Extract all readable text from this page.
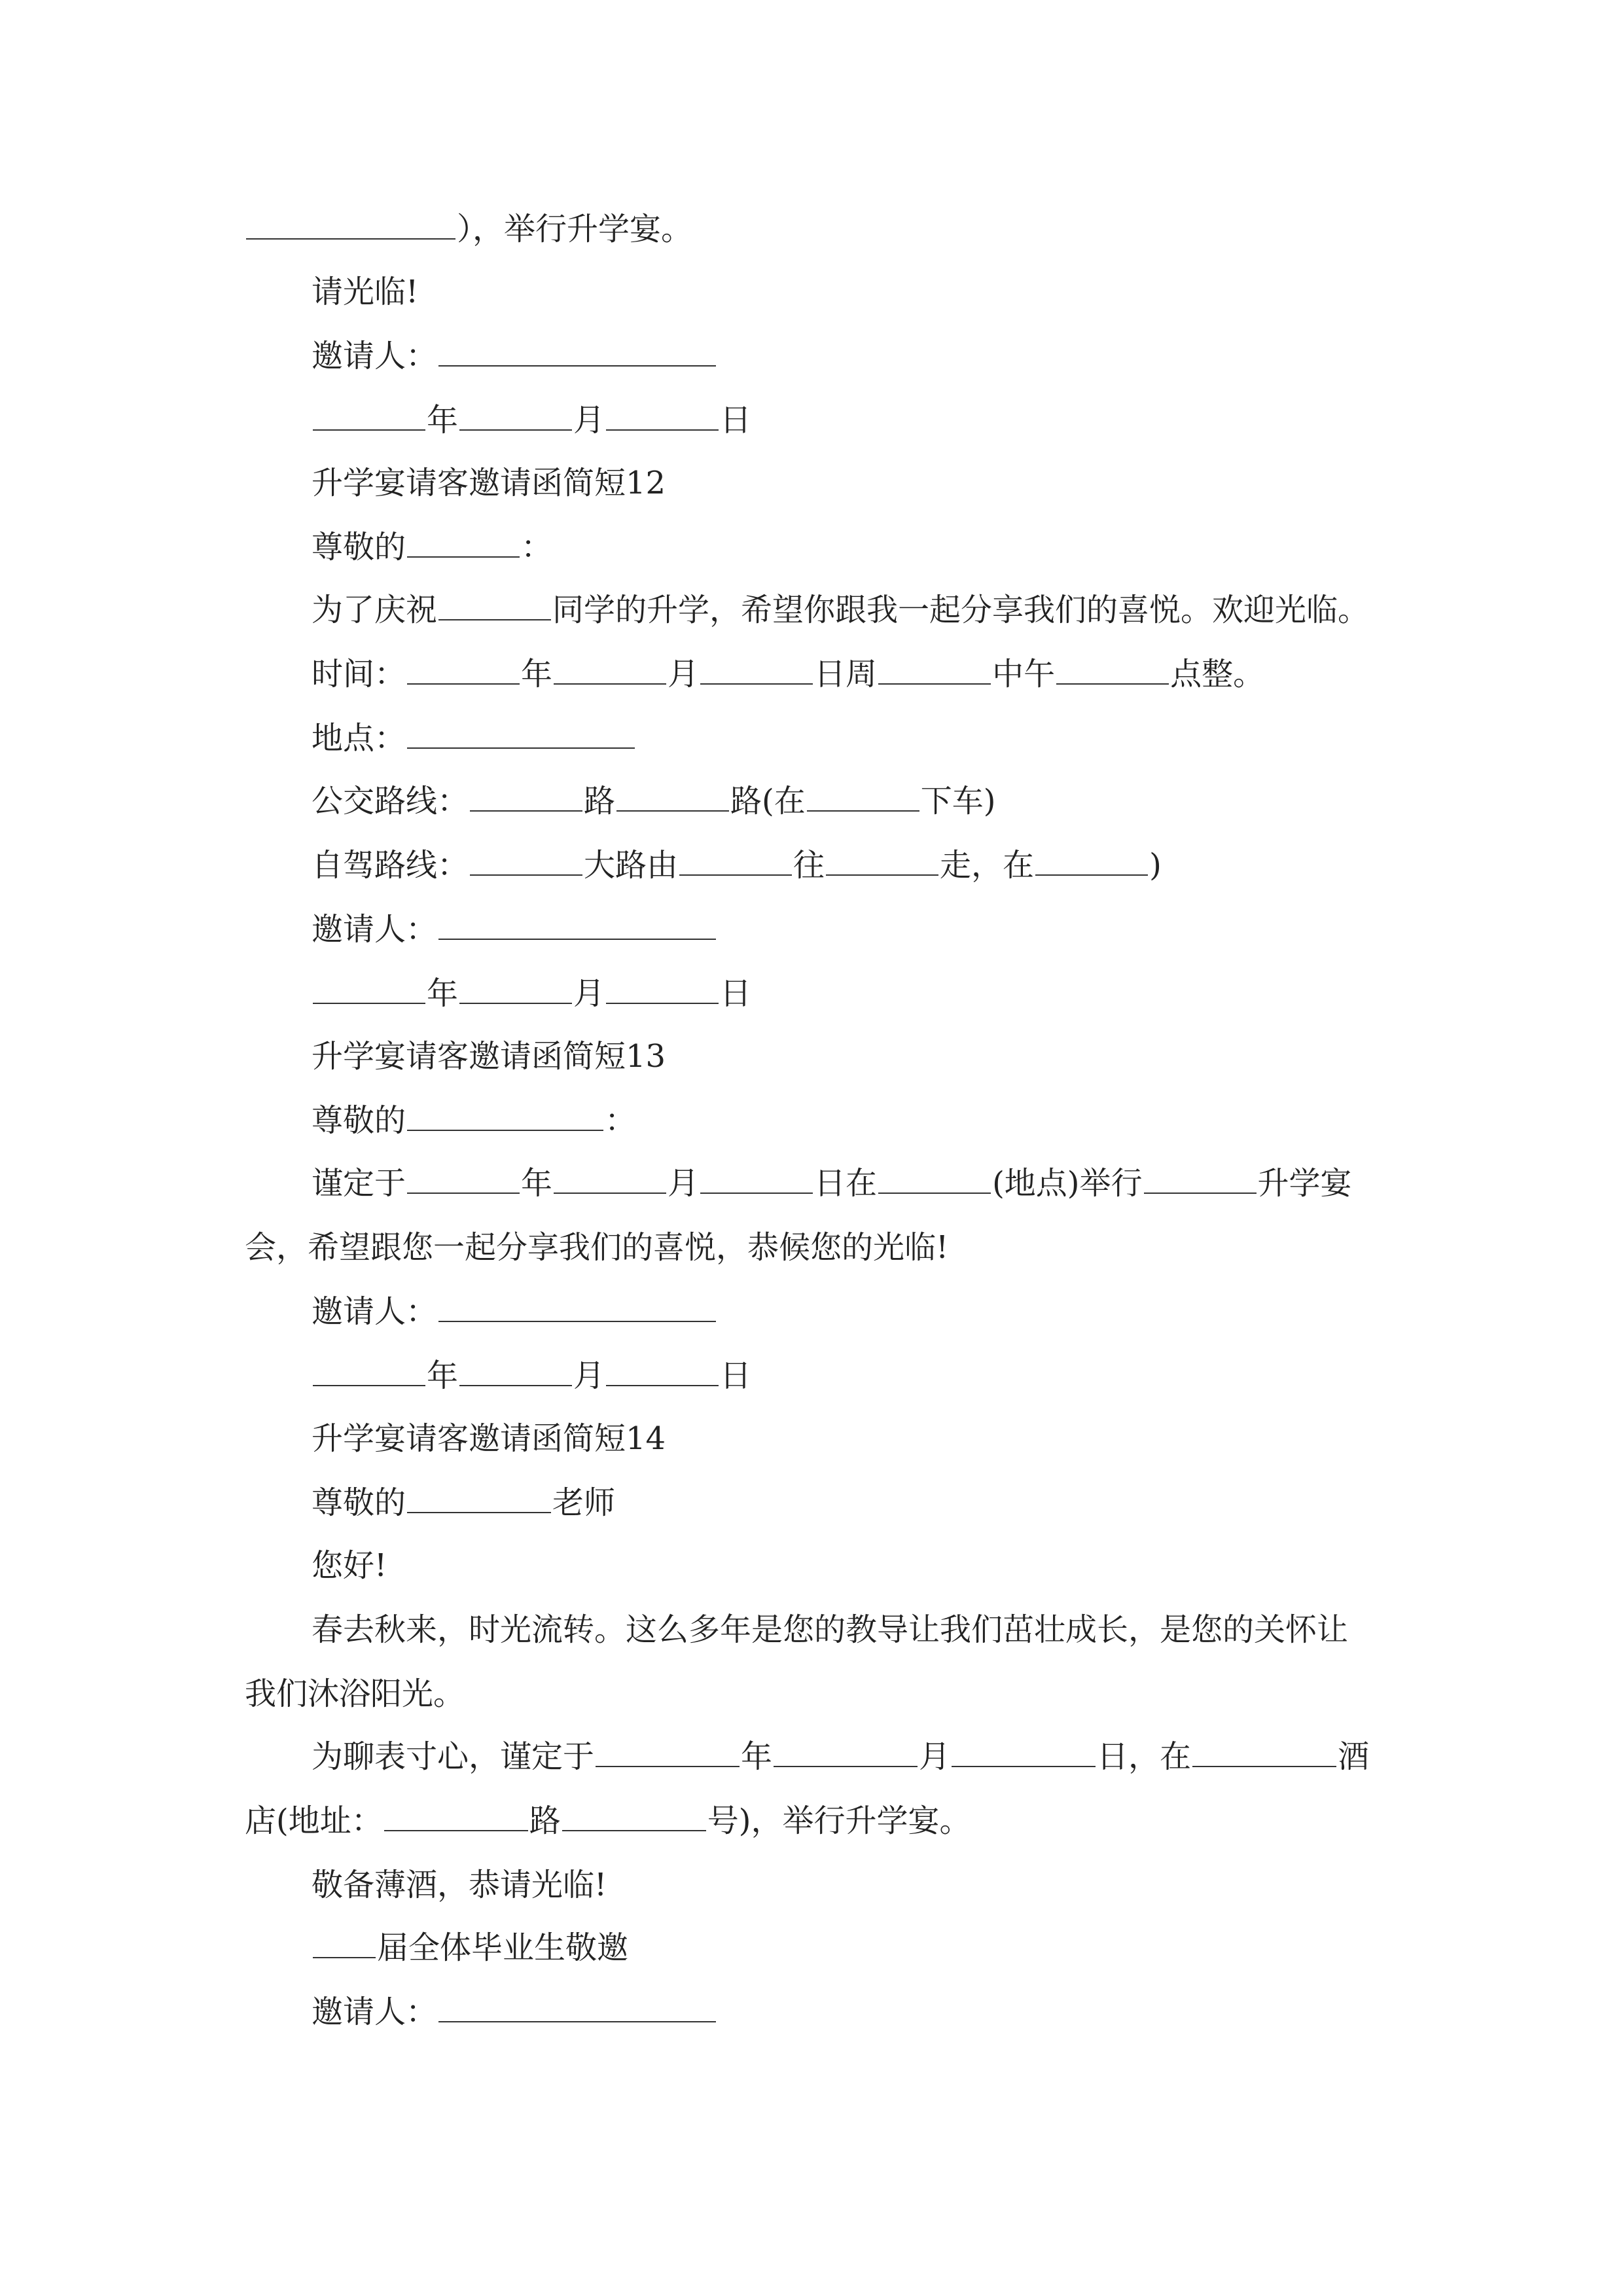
），举行升学宴。
请光临!
邀请人：
年	月	日
升学宴请客邀请函简短12
尊敬的	：
为了庆祝	同学的升学，希望你跟我一起分享我们的喜悦。欢迎光临。
时间：	年	月	日周	中午	点整。
地点：
公交路线：	路	路(在	下车)
自驾路线：	大路由	往	走，在	)
邀请人：
年	月	日
升学宴请客邀请函简短13
尊敬的	：
谨定于	年	月	日在	(地点)举行	升学宴
会，希望跟您一起分享我们的喜悦，恭候您的光临!
邀请人：
年	月	日
升学宴请客邀请函简短14
尊敬的	老师
您好!
春去秋来，时光流转。这么多年是您的教导让我们茁壮成长，是您的关怀让
我们沐浴阳光。
为聊表寸心，谨定于	年	月	日，在	酒
店(地址：	路	号)，举行升学宴。
敬备薄酒，恭请光临!
届全体毕业生敬邀
邀请人：
